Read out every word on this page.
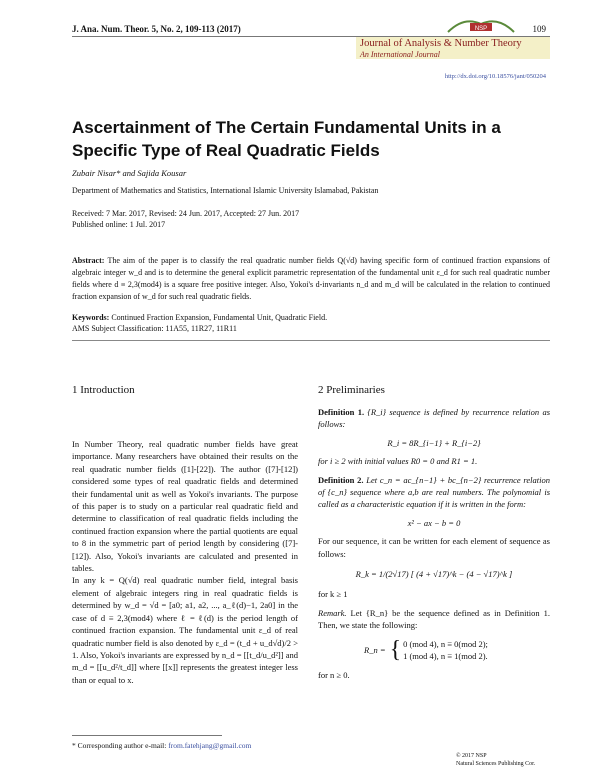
J. Ana. Num. Theor. 5, No. 2, 109-113 (2017)	NSP	109
Journal of Analysis & Number Theory
An International Journal
http://dx.doi.org/10.18576/jant/050204
Ascertainment of The Certain Fundamental Units in a Specific Type of Real Quadratic Fields
Zubair Nisar* and Sajida Kousar
Department of Mathematics and Statistics, International Islamic University Islamabad, Pakistan
Received: 7 Mar. 2017, Revised: 24 Jun. 2017, Accepted: 27 Jun. 2017
Published online: 1 Jul. 2017
Abstract: The aim of the paper is to classify the real quadratic number fields Q(√d) having specific form of continued fraction expansions of algebraic integer w_d and is to determine the general explicit parametric representation of the fundamental unit ε_d for such real quadratic number fields where d ≡ 2,3(mod4) is a square free positive integer. Also, Yokoi's d-invariants n_d and m_d will be calculated in the relation to continued fraction expansion of w_d for such real quadratic fields.
Keywords: Continued Fraction Expansion, Fundamental Unit, Quadratic Field.
AMS Subject Classification: 11A55, 11R27, 11R11
1 Introduction
In Number Theory, real quadratic number fields have great importance. Many researchers have obtained their results on the real quadratic number fields ([1]-[22]). The author ([7]-[12]) considered some types of real quadratic fields and determined their fundamental unit as well as Yokoi's invariants. The purpose of this paper is to study on a particular real quadratic field and determine to classification of real quadratic fields including the continued fraction expansion where the partial quotients are equal to 8 in the symmetric part of period length by considering ([7]-[12]). Also, Yokoi's invariants are calculated and presented in tables.
In any k = Q(√d) real quadratic number field, integral basis element of algebraic integers ring in real quadratic fields is determined by w_d = √d = [a0; a1, a2, ..., a_ℓ(d)−1, 2a0] in the case of d ≡ 2,3(mod4) where ℓ = ℓ(d) is the period length of continued fraction expansion. The fundamental unit ε_d of real quadratic number field is also denoted by ε_d = (t_d + u_d√d)/2 > 1. Also, Yokoi's invariants are expressed by n_d = [[t_d/u_d²]] and m_d = [[u_d²/t_d]] where [[x]] represents the greatest integer less than or equal to x.
2 Preliminaries
Definition 1. {R_i} sequence is defined by recurrence relation as follows:
R_i = 8R_{i−1} + R_{i−2}
for i ≥ 2 with initial values R0 = 0 and R1 = 1.
Definition 2. Let c_n = ac_{n−1} + bc_{n−2} recurrence relation of {c_n} sequence where a,b are real numbers. The polynomial is called as a characteristic equation if it is written in the form:
x² − ax − b = 0
For our sequence, it can be written for each element of sequence as follows:
R_k = 1/(2√17) [ (4 + √17)^k − (4 − √17)^k ]
for k ≥ 1
Remark. Let {R_n} be the sequence defined as in Definition 1. Then, we state the following:
R_n = { 0 (mod 4), n ≡ 0(mod 2);
1 (mod 4), n ≡ 1(mod 2).
for n ≥ 0.
* Corresponding author e-mail: from.fatehjang@gmail.com
© 2017 NSP
Natural Sciences Publishing Cor.
